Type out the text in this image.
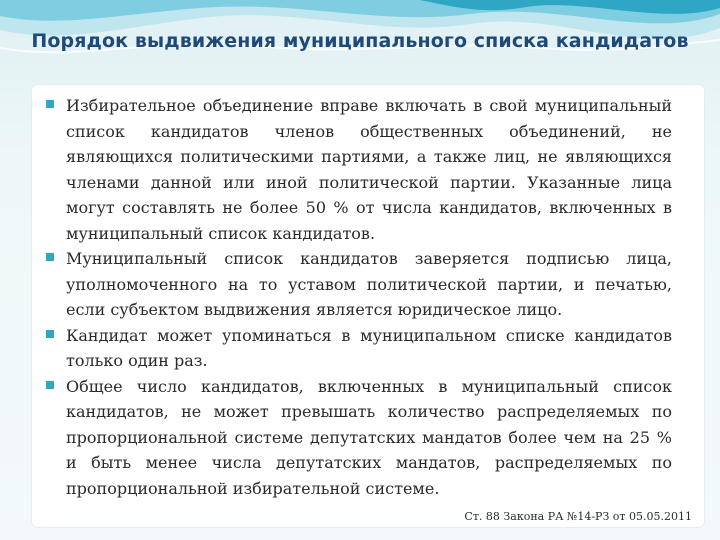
Порядок выдвижения муниципального списка кандидатов
Избирательное объединение вправе включать в свой муниципальный список кандидатов членов общественных объединений, не являющихся политическими партиями, а также лиц, не являющихся членами данной или иной политической партии. Указанные лица могут составлять не более 50 % от числа кандидатов, включенных в муниципальный список кандидатов.
Муниципальный список кандидатов заверяется подписью лица, уполномоченного на то уставом политической партии, и печатью, если субъектом выдвижения является юридическое лицо.
Кандидат может упоминаться в муниципальном списке кандидатов только один раз.
Общее число кандидатов, включенных в муниципальный список кандидатов, не может превышать количество распределяемых по пропорциональной системе депутатских мандатов более чем на 25 % и быть менее числа депутатских мандатов, распределяемых по пропорциональной избирательной системе.
Ст. 88 Закона РА №14-РЗ от 05.05.2011
